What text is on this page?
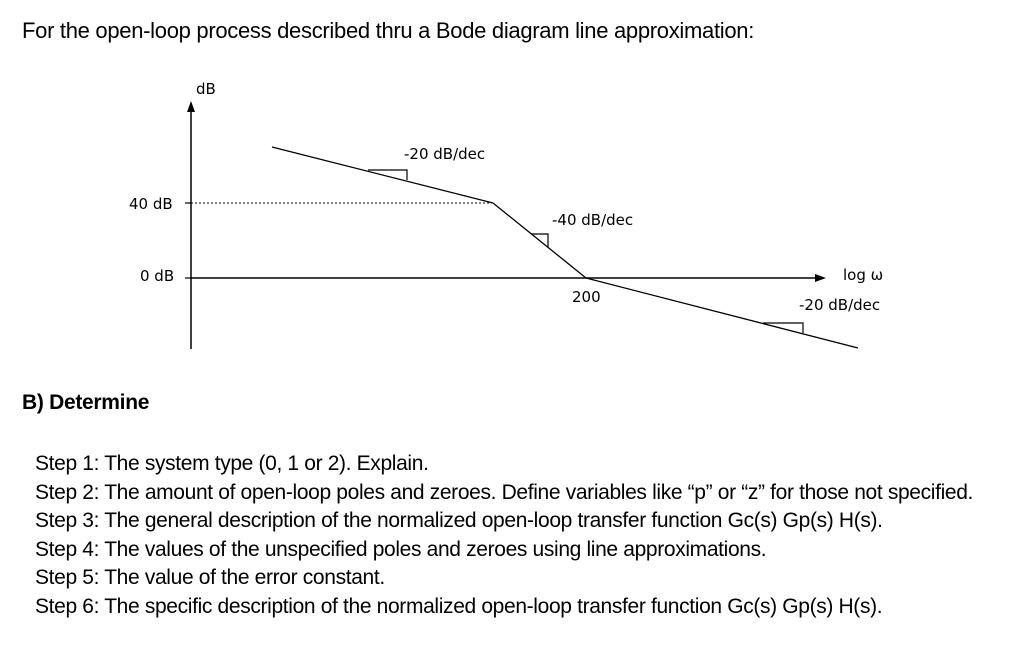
For the open-loop process described thru a Bode diagram line approximation:
dB
log ω
40 dB
0 dB
-20 dB/dec
-40 dB/dec
-20 dB/dec
200
B) Determine
Step 1: The system type (0, 1 or 2). Explain.
Step 2: The amount of open-loop poles and zeroes. Define variables like “p” or “z” for those not specified.
Step 3: The general description of the normalized open-loop transfer function Gc(s) Gp(s) H(s).
Step 4: The values of the unspecified poles and zeroes using line approximations.
Step 5: The value of the error constant.
Step 6: The specific description of the normalized open-loop transfer function Gc(s) Gp(s) H(s).
